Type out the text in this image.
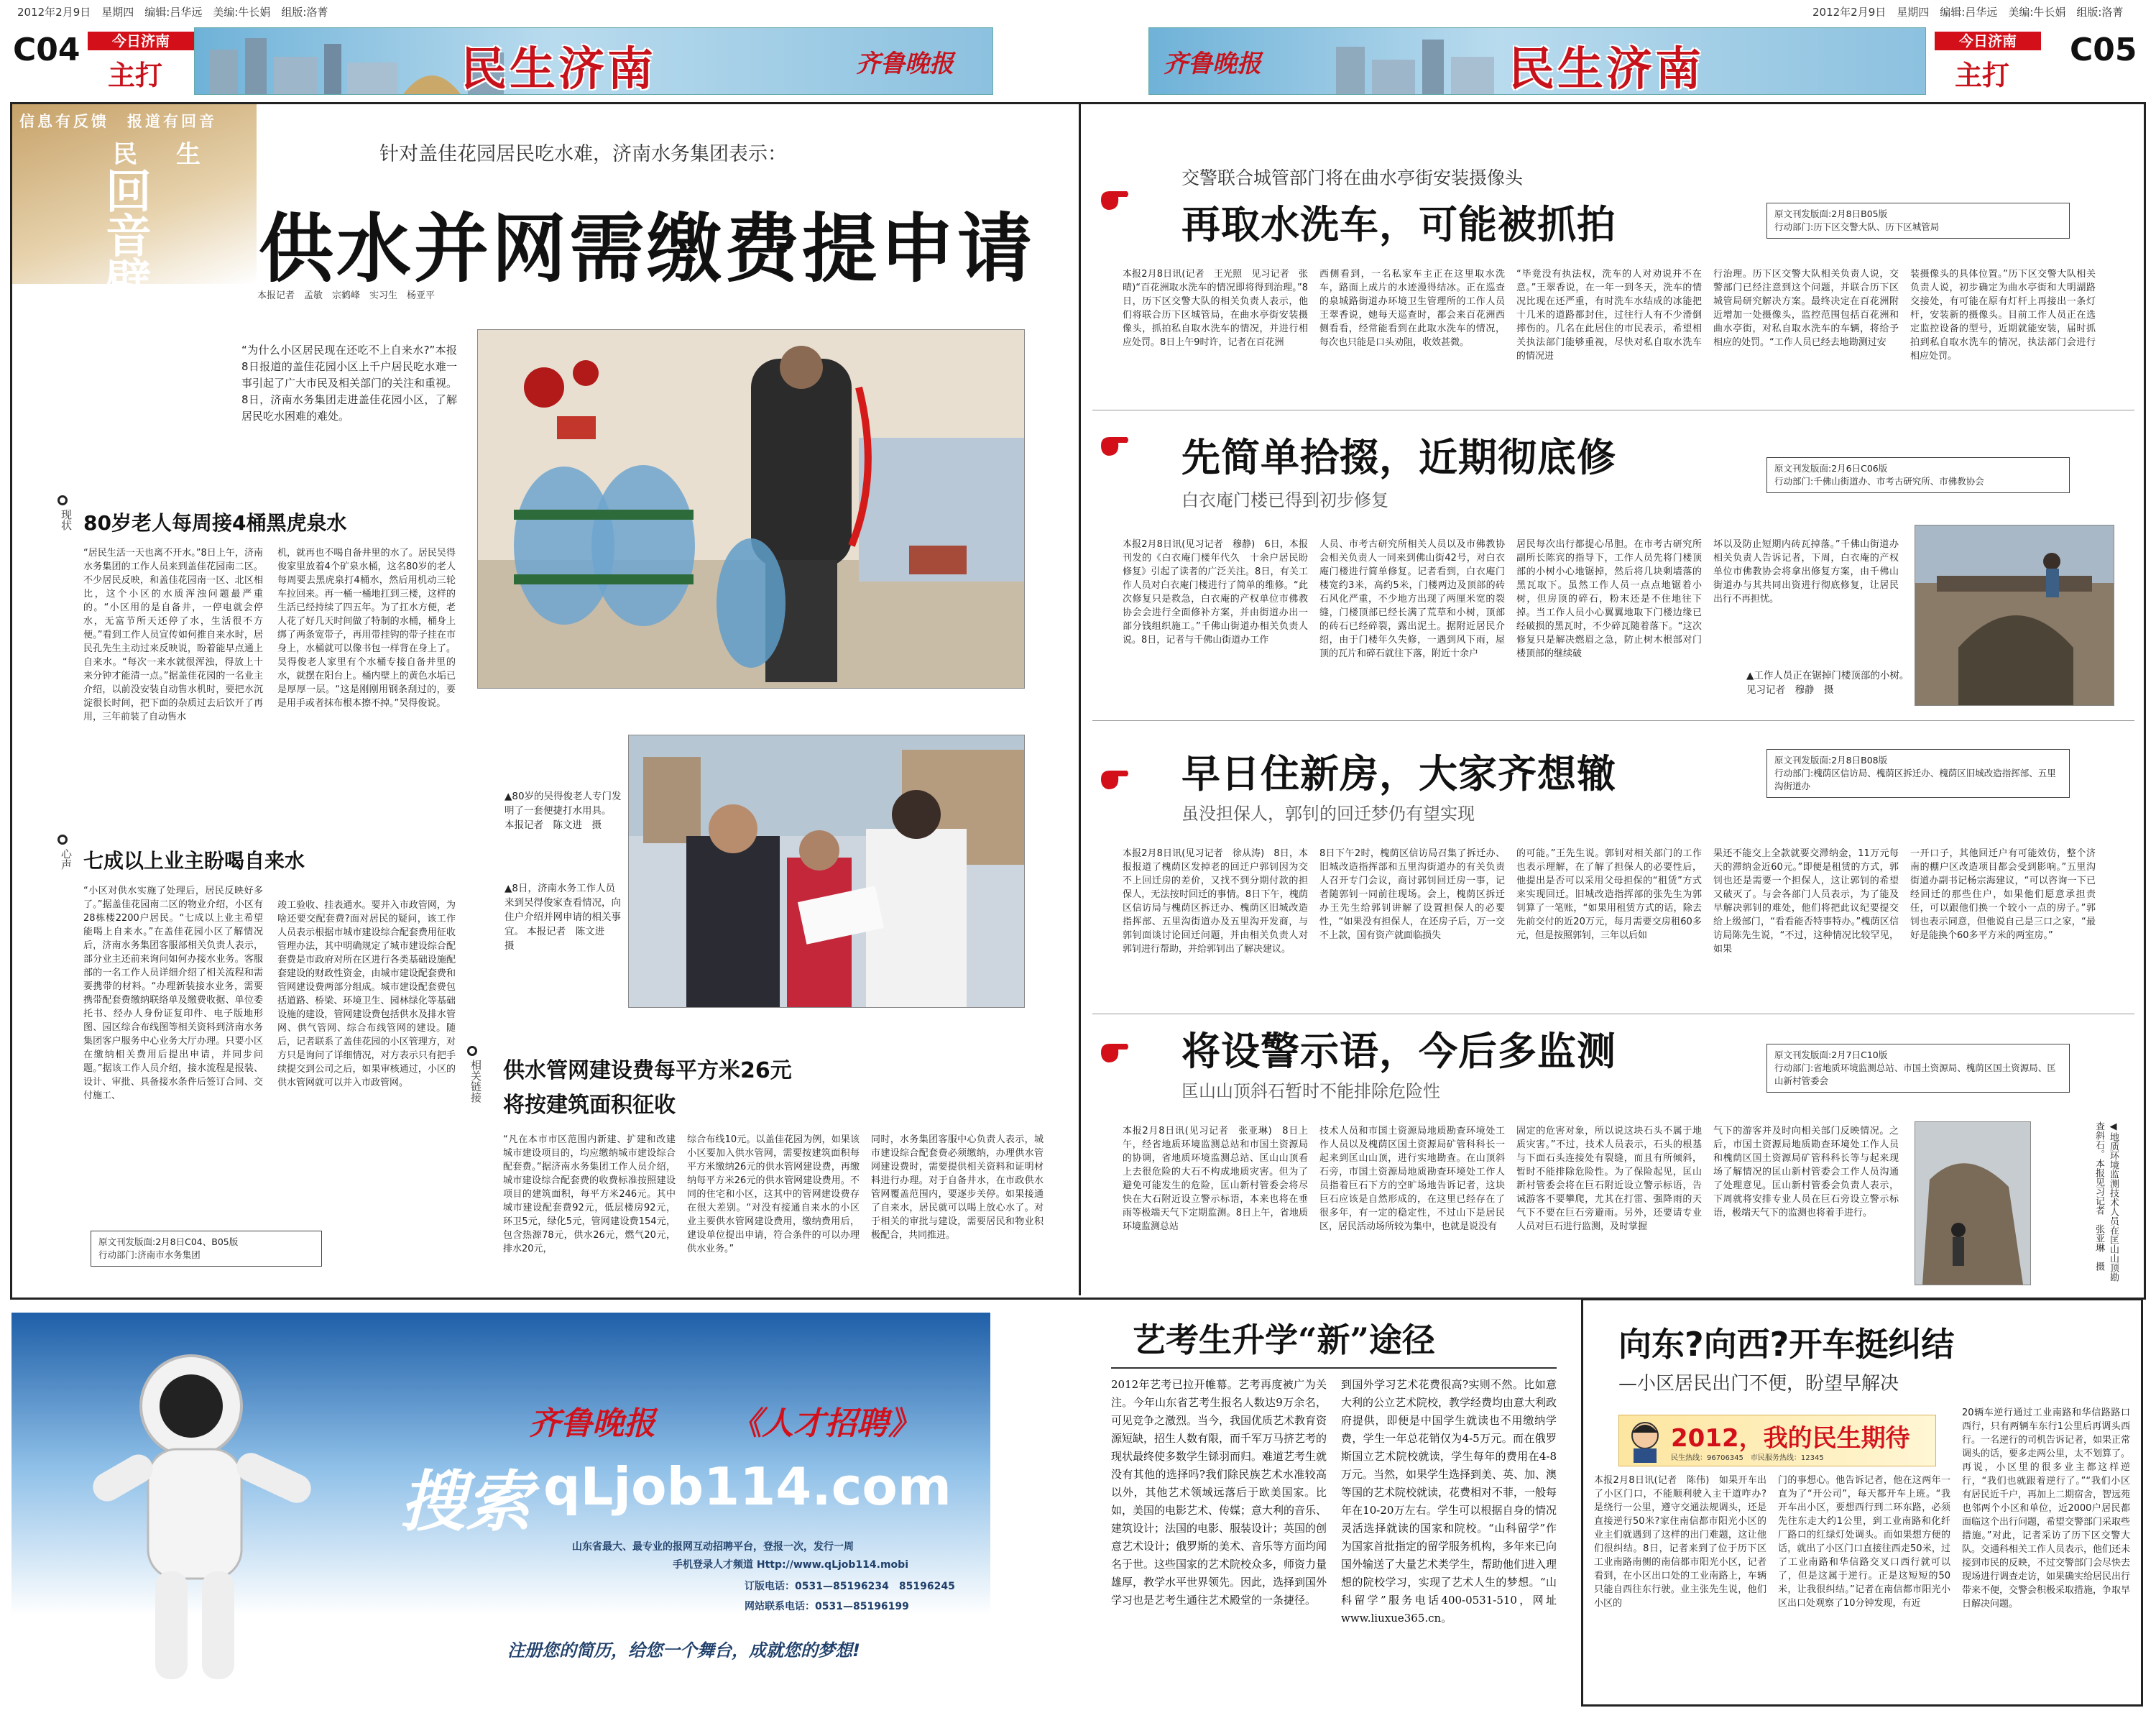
2012年2月9日　星期四　编辑:吕华远　美编:牛长娟　组版:洛菁	2012年2月9日　星期四　编辑:吕华远　美编:牛长娟　组版:洛菁
C04	今日济南
主打	民生济南	齐鲁晚报	齐鲁晚报	民生济南
今日济南
主打
C05
信息有反馈　报道有回音
民　生
回音壁
针对盖佳花园居民吃水难，济南水务集团表示：
供水并网需缴费提申请
本报记者　孟敏　宗鹤峰　实习生　杨亚平
“为什么小区居民现在还吃不上自来水?”本报8日报道的盖佳花园小区上千户居民吃水难一事引起了广大市民及相关部门的关注和重视。8日，济南水务集团走进盖佳花园小区，了解居民吃水困难的难处。
现状 80岁老人每周接4桶黑虎泉水
“居民生活一天也离不开水。”8日上午，济南水务集团的工作人员来到盖佳花园南二区。不少居民反映，和盖佳花园南一区、北区相比，这个小区的水质浑浊问题最严重的。“小区用的是自备井，一停电就会停水，无富节所天还停了水，生活很不方便。”看到工作人员宣传如何推自来水时，居民孔先生主动过来反映说，盼着能早点通上自来水。“每次一来水就很浑浊，得放上十来分钟才能清一点。”据盖佳花园的一名业主介绍，以前没安装自动售水机时，要把水沉淀很长时间，把下面的杂质过去后饮开了再用，三年前装了自动售水
机，就再也不喝自备井里的水了。居民吴得俊家里放着4个矿泉水桶，这名80岁的老人每周要去黑虎泉打4桶水，然后用机动三轮车拉回来。再一桶一桶地扛到三楼，这样的生活已经持续了四五年。为了扛水方便，老人花了好几天时间做了特制的水桶，桶身上绑了两条宽带子，再用带挂钩的带子挂在市身上，水桶就可以像书包一样背在身上了。吴得俊老人家里有个水桶专接自备井里的水，就摆在阳台上。桶内壁上的黄色水垢已是厚厚一层。“这是刚刚用钢条刮过的，要是用手或者抹布根本擦不掉。”吴得俊说。
▲80岁的吴得俊老人专门发明了一套便捷打水用具。 本报记者　陈文进　摄
▲8日，济南水务工作人员来到吴得俊家查看情况，向住户介绍并网申请的相关事宜。 本报记者　陈文进　摄
心声 七成以上业主盼喝自来水
“小区对供水实施了处理后，居民反映好多了。”据盖佳花园南二区的物业介绍，小区有28栋楼2200户居民。“七成以上业主希望能喝上自来水。”在盖佳花园小区了解情况后，济南水务集团客服部相关负责人表示，部分业主还前来询问如何办接水业务。客服部的一名工作人员详细介绍了相关流程和需要携带的材料。“办理新装接水业务，需要携带配套费缴纳联络单及缴费收据、单位委托书、经办人身份证复印件、电子版地形图、园区综合布线图等相关资料到济南水务集团客户服务中心业务大厅办理。只要小区在缴纳相关费用后提出申请，并同步问题。”据该工作人员介绍，接水流程是报装、设计、审批、具备接水条件后签订合同、交付施工、
竣工验收、挂表通水。要并入市政管网，为啥还要交配套费?面对居民的疑问，该工作人员表示根据市城市建设综合配套费用征收管理办法，其中明确规定了城市建设综合配套费是市政府对所在区进行各类基础设施配套建设的财政性资金，由城市建设配套费和管网建设费两部分组成。城市建设配套费包括道路、桥梁、环境卫生、园林绿化等基础设施的建设，管网建设费包括供水及排水管网、供气管网、综合布线管网的建设。随后，记者联系了盖佳花园的小区管理方，对方只是询问了详细情况，对方表示只有把手续提交到公司之后，如果审核通过，小区的供水管网就可以并入市政管网。
原文刊发版面:2月8日C04、B05版
行动部门:济南市水务集团
相关链接 供水管网建设费每平方米26元
将按建筑面积征收
“凡在本市市区范围内新建、扩建和改建城市建设项目的，均应缴纳城市建设综合配套费。”据济南水务集团工作人员介绍，城市建设综合配套费的收费标准按照建设项目的建筑面积，每平方米246元。其中城市建设配套费92元，低层楼房92元，环卫5元，绿化5元，管网建设费154元，包含热源78元，供水26元，燃气20元，排水20元，
综合布线10元。以盖佳花园为例，如果该小区要加入供水管网，需要按建筑面积每平方米缴纳26元的供水管网建设费，再缴纳每平方米26元的供水管网建设费用。不同的住宅和小区，这其中的管网建设费存在很大差别。“对没有接通自来水的小区业主要供水管网建设费用，缴纳费用后，建设单位提出申请，符合条件的可以办理供水业务。”
同时，水务集团客服中心负责人表示，城市建设综合配套费必须缴纳，办理供水管网建设费时，需要提供相关资料和证明材料进行办理。对于自备井水，在市政供水管网覆盖范围内，要逐步关停。如果接通了自来水，居民就可以喝上放心水了。对于相关的审批与建设，需要居民和物业积极配合，共同推进。
交警联合城管部门将在曲水亭街安装摄像头
再取水洗车，可能被抓拍	原文刊发版面:2月8日B05版
行动部门:历下区交警大队、历下区城管局
本报2月8日讯(记者　王光照　见习记者　张晴)“百花洲取水洗车的情况即将得到治理。”8日，历下区交警大队的相关负责人表示，他们将联合历下区城管局，在曲水亭街安装摄像头，抓拍私自取水洗车的情况，并进行相应处罚。8日上午9时许，记者在百花洲
西侧看到，一名私家车主正在这里取水洗车，路面上成片的水迹漫得结冰。正在巡查的泉城路街道办环境卫生管理所的工作人员王翠香说，她每天巡查时，都会来百花洲西侧看看，经常能看到在此取水洗车的情况，每次也只能是口头劝阻，收效甚微。
“毕竟没有执法权，洗车的人对劝说并不在意。”王翠香说，在一年一到冬天，洗车的情况比现在还严重，有时洗车水结成的冰能把十几米的道路都封住，过往行人有不少滑倒摔伤的。几名在此居住的市民表示，希望相关执法部门能够重视，尽快对私自取水洗车的情况进
行治理。历下区交警大队相关负责人说，交警部门已经注意到这个问题，并联合历下区城管局研究解决方案。最终决定在百花洲附近增加一处摄像头，监控范围包括百花洲和曲水亭街，对私自取水洗车的车辆，将给予相应的处罚。“工作人员已经去地勘测过安
装摄像头的具体位置。”历下区交警大队相关负责人说，初步确定为曲水亭街和大明湖路交接处，有可能在原有灯杆上再接出一条灯杆，安装新的摄像头。目前工作人员正在选定监控设备的型号，近期就能安装，届时抓拍到私自取水洗车的情况，执法部门会进行相应处罚。
先简单拾掇，近期彻底修
白衣庵门楼已得到初步修复
原文刊发版面:2月6日C06版
行动部门:千佛山街道办、市考古研究所、市佛教协会
本报2月8日讯(见习记者　穆静)　6日，本报刊发的《白衣庵门楼年代久　十余户居民盼修复》引起了读者的广泛关注。8日，有关工作人员对白衣庵门楼进行了简单的维修。“此次修复只是救急，白衣庵的产权单位市佛教协会会进行全面修补方案，并由街道办出一部分钱组织施工。”千佛山街道办相关负责人说。8日，记者与千佛山街道办工作
人员、市考古研究所相关人员以及市佛教协会相关负责人一同来到佛山街42号，对白衣庵门楼进行简单修复。记者看到，白衣庵门楼宽约3米，高约5米，门楼两边及顶部的砖石风化严重，不少地方出现了两厘米宽的裂缝，门楼顶部已经长满了荒草和小树，顶部的砖石已经碎裂，露出泥土。据附近居民介绍，由于门楼年久失修，一遇到风下雨，屋顶的瓦片和碎石就往下落，附近十余户
居民每次出行都提心吊胆。在市考古研究所副所长陈宾的指导下，工作人员先将门楼顶部的小树小心地锯掉，然后将几块剩墙落的黑瓦取下。虽然工作人员一点点地锯着小树，但房顶的碎石，粉末还是不住地往下掉。当工作人员小心翼翼地取下门楼边缘已经破损的黑瓦时，不少碎瓦随着落下。“这次修复只是解决燃眉之急，防止树木根部对门楼顶部的继续破
坏以及防止短期内砖瓦掉落。”千佛山街道办相关负责人告诉记者，下周，白衣庵的产权单位市佛教协会将拿出修复方案，由千佛山街道办与其共同出资进行彻底修复，让居民出行不再担忧。
▲工作人员正在锯掉门楼顶部的小树。　见习记者　穆静　摄
早日住新房，大家齐想辙
虽没担保人，郭钊的回迁梦仍有望实现
原文刊发版面:2月8日B08版
行动部门:槐荫区信访局、槐荫区拆迁办、槐荫区旧城改造指挥部、五里沟街道办
本报2月8日讯(见习记者　徐从涛)　8日，本报报道了槐荫区发掉老的回迁户郭钊因为交不上回迁房的差价，又找不到分期付款的担保人，无法按时回迁的事情。8日下午，槐荫区信访局与槐荫区拆迁办、槐荫区旧城改造指挥部、五里沟街道办及五里沟开发商，与郭钊面谈讨论回迁问题，并由相关负责人对郭钊进行帮助，并给郭钊出了解决建议。
8日下午2时，槐荫区信访局召集了拆迁办、旧城改造指挥部和五里沟街道办的有关负责人召开专门会议，商讨郭钊回迁房一事，记者随郭钊一同前往现场。会上，槐荫区拆迁办王先生给郭钊讲解了设置担保人的必要性，“如果没有担保人，在还房子后，万一交不上款，国有资产就面临损失
的可能。”王先生说。郭钊对相关部门的工作也表示理解，在了解了担保人的必要性后，他提出是否可以采用父母担保的“租赁”方式来实现回迁。旧城改造指挥部的张先生为郭钊算了一笔账，“如果用租赁方式的话，除去先前交付的近20万元，每月需要交房租60多元，但是按照郭钊，三年以后如
果还不能交上全款就要交滞纳金，11万元每天的滞纳金近60元。”即便是租赁的方式，郭钊也还是需要一个担保人，这让郭钊的希望又破灭了。与会各部门人员表示，为了能及早解决郭钊的难处，他们将把此议纪要提交给上级部门，“看看能否特事特办。”槐荫区信访局陈先生说，“不过，这种情况比较罕见，如果
一开口子，其他回迁户有可能效仿，整个济南的棚户区改造项目都会受到影响。”五里沟街道办副书记杨宗海建议，“可以咨询一下已经回迁的那些住户，如果他们愿意承担责任，可以跟他们换一个较小一点的房子。”郭钊也表示同意，但他说自己是三口之家，“最好是能换个60多平方米的两室房。”
将设警示语，今后多监测
匡山山顶斜石暂时不能排除危险性
原文刊发版面:2月7日C10版
行动部门:省地质环境监测总站、市国土资源局、槐荫区国土资源局、匡山新村管委会
本报2月8日讯(见习记者　张亚琳)　8日上午，经省地质环境监测总站和市国土资源局的协调，省地质环境监测总站、匡山山顶看上去很危险的大石不构成地质灾害。但为了避免可能发生的危险，匡山新村管委会将尽快在大石附近设立警示标语，本来也将在垂雨等极端天气下定期监测。8日上午，省地质环境监测总站
技术人员和市国土资源局地质勘查环境处工作人员以及槐荫区国土资源局矿管科科长一起来到匡山山顶，进行实地勘查。在山顶斜石旁，市国土资源局地质勘查环境处工作人员指着巨石下方的空旷场地告诉记者，这块巨石应该是自然形成的，在这里已经存在了很多年，有一定的稳定性，不过山下是居民区，居民活动场所较为集中，也就是说没有
固定的危害对象，所以说这块石头不属于地质灾害。”不过，技术人员表示，石头的根基与下面石头连接处有裂缝，而且有所倾斜，暂时不能排除危险性。为了保险起见，匡山新村管委会将在巨石附近设立警示标语，告诫游客不要攀爬，尤其在打雷、强降雨的天气下不要在巨石旁避雨。另外，还要请专业人员对巨石进行监测，及时掌握
气下的游客并及时向相关部门反映情况。之后，市国土资源局地质勘查环境处工作人员和槐荫区国土资源局矿管科科长等与起来现场了解情况的匡山新村管委会工作人员沟通了处理意见。匡山新村管委会负责人表示，下周就将安排专业人员在巨石旁设立警示标语，极端天气下的监测也将着手进行。	◀地质环境监测技术人员在匡山山顶勘查斜石。本报见习记者　张亚琳　摄
齐鲁晚报 《人才招聘》
搜索 qLjob114.com
山东省最大、最专业的报网互动招聘平台，登报一次，发行一周
手机登录人才频道 Http://www.qLjob114.mobi
订版电话：0531—85196234　85196245
网站联系电话：0531—85196199
注册您的简历，给您一个舞台，成就您的梦想!
艺考生升学“新”途径
2012年艺考已拉开帷幕。艺考再度被广为关注。今年山东省艺考生报名人数达9万余名，可见竞争之激烈。当今，我国优质艺术教育资源短缺，招生人数有限，而千军万马挤艺考的现状最终使多数学生铩羽而归。难道艺考生就没有其他的选择吗?我们除民族艺术水准较高以外，其他艺术领域远落后于欧美国家。比如，美国的电影艺术、传媒；意大利的音乐、建筑设计；法国的电影、服装设计；英国的创意艺术设计；俄罗斯的美术、音乐等方面均闻名于世。这些国家的艺术院校众多，师资力量雄厚，教学水平世界领先。因此，选择到国外学习也是艺考生通往艺术殿堂的一条捷径。
到国外学习艺术花费很高?实则不然。比如意大利的公立艺术院校，教学经费均由意大利政府提供，即便是中国学生就读也不用缴纳学费，学生一年总花销仅为4-5万元。而在俄罗斯国立艺术院校就读，学生每年的费用在4-8万元。当然，如果学生选择到美、英、加、澳等国的艺术院校就读，花费相对不菲，一般每年在10-20万左右。学生可以根据自身的情况灵活选择就读的国家和院校。“山科留学”作为国家首批指定的留学服务机构，多年来已向国外输送了大量艺术类学生，帮助他们进入理想的院校学习，实现了艺术人生的梦想。“山科留学”服务电话400-0531-510，网址www.liuxue365.cn。
向东?向西?开车挺纠结
—小区居民出门不便，盼望早解决
2012，我的民生期待
民生热线：96706345　市民服务热线：12345
本报2月8日讯(记者　陈伟)　如果开车出了小区门口，不能顺利驶入主干道咋办?是绕行一公里，遵守交通法规调头，还是直接逆行50米?家住南信都市阳光小区的业主们就遇到了这样的出门难题，这让他们很纠结。8日，记者来到了位于历下区工业南路南侧的南信都市阳光小区，记者看到，在小区出口处的工业南路上，车辆只能自西往东行驶。业主张先生说，他们小区的
门的事想心。他告诉记者，他在这两年一直为了“开公司”，每天都开车上班。“我开车出小区，要想西行到二环东路，必须先往东走大约1公里，到工业南路和化纤厂路口的红绿灯处调头。而如果想方便的话，就出了小区门口直接往西走50米，过了工业南路和华信路交叉口西行就可以了，但是这属于逆行。正是这短短的50米，让我很纠结。”记者在南信都市阳光小区出口处观察了10分钟发现，有近
20辆车逆行通过工业南路和华信路路口西行，只有两辆车东行1公里后再调头西行。一名逆行的司机告诉记者，如果正常调头的话，要多走两公里，太不划算了。再说，小区里的很多业主都这样逆行，“我们也就跟着逆行了。”“我们小区有居民近千户，再加上二期宿舍，智远苑也邻两个小区和单位，近2000户居民都面临这个出行问题，希望交警部门采取些措施。”对此，记者采访了历下区交警大队。交通科相关工作人员表示，他们还未接到市民的反映，不过交警部门会尽快去现场进行调查走访，如果确实给居民出行带来不便，交警会积极采取措施，争取早日解决问题。
